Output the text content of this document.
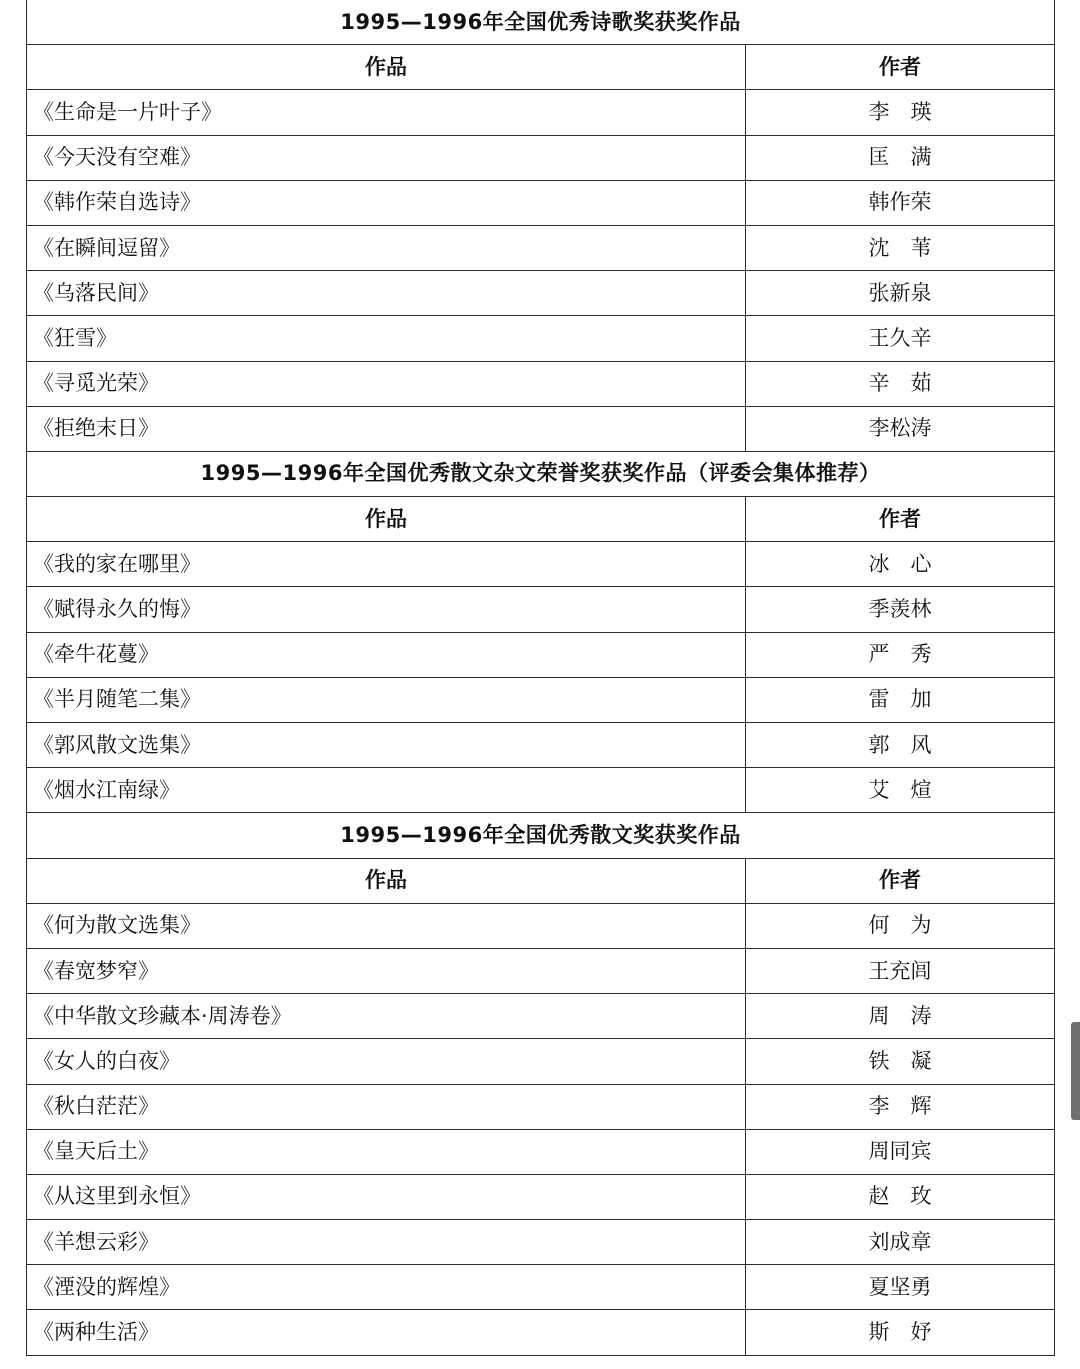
1995—1996年全国优秀诗歌奖获奖作品	
作品	作者
《生命是一片叶子》	李　瑛
《今天没有空难》	匡　满
《韩作荣自选诗》	韩作荣
《在瞬间逗留》	沈　苇
《乌落民间》	张新泉
《狂雪》	王久辛
《寻觅光荣》	辛　茹
《拒绝末日》	李松涛
1995—1996年全国优秀散文杂文荣誉奖获奖作品（评委会集体推荐）	
作品	作者
《我的家在哪里》	冰　心
《赋得永久的悔》	季羡林
《牵牛花蔓》	严　秀
《半月随笔二集》	雷　加
《郭风散文选集》	郭　风
《烟水江南绿》	艾　煊
1995—1996年全国优秀散文奖获奖作品	
作品	作者
《何为散文选集》	何　为
《春宽梦窄》	王充闾
《中华散文珍藏本·周涛卷》	周　涛
《女人的白夜》	铁　凝
《秋白茫茫》	李　辉
《皇天后土》	周同宾
《从这里到永恒》	赵　玫
《羊想云彩》	刘成章
《湮没的辉煌》	夏坚勇
《两种生活》	斯　妤
